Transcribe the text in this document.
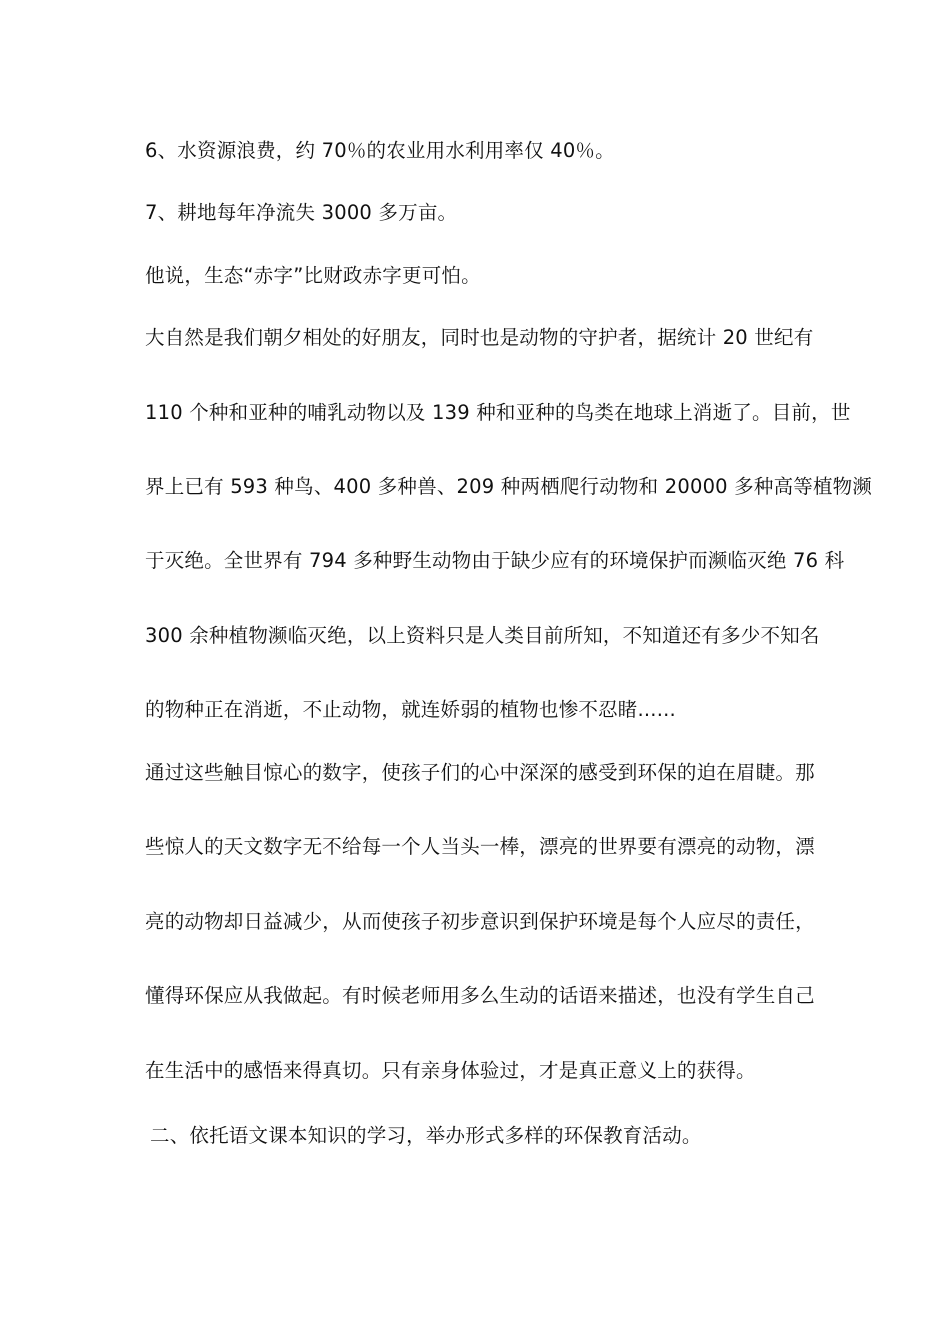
6、水资源浪费，约 70％的农业用水利用率仅 40％。
7、耕地每年净流失 3000 多万亩。
他说，生态“赤字”比财政赤字更可怕。
大自然是我们朝夕相处的好朋友，同时也是动物的守护者，据统计 20 世纪有
110 个种和亚种的哺乳动物以及 139 种和亚种的鸟类在地球上消逝了。目前，世
界上已有 593 种鸟、400 多种兽、209 种两栖爬行动物和 20000 多种高等植物濒
于灭绝。全世界有 794 多种野生动物由于缺少应有的环境保护而濒临灭绝 76 科
300 余种植物濒临灭绝，以上资料只是人类目前所知，不知道还有多少不知名
的物种正在消逝，不止动物，就连娇弱的植物也惨不忍睹......
通过这些触目惊心的数字，使孩子们的心中深深的感受到环保的迫在眉睫。那
些惊人的天文数字无不给每一个人当头一棒，漂亮的世界要有漂亮的动物，漂
亮的动物却日益减少，从而使孩子初步意识到保护环境是每个人应尽的责任，
懂得环保应从我做起。有时候老师用多么生动的话语来描述，也没有学生自己
在生活中的感悟来得真切。只有亲身体验过，才是真正意义上的获得。
二、依托语文课本知识的学习，举办形式多样的环保教育活动。
